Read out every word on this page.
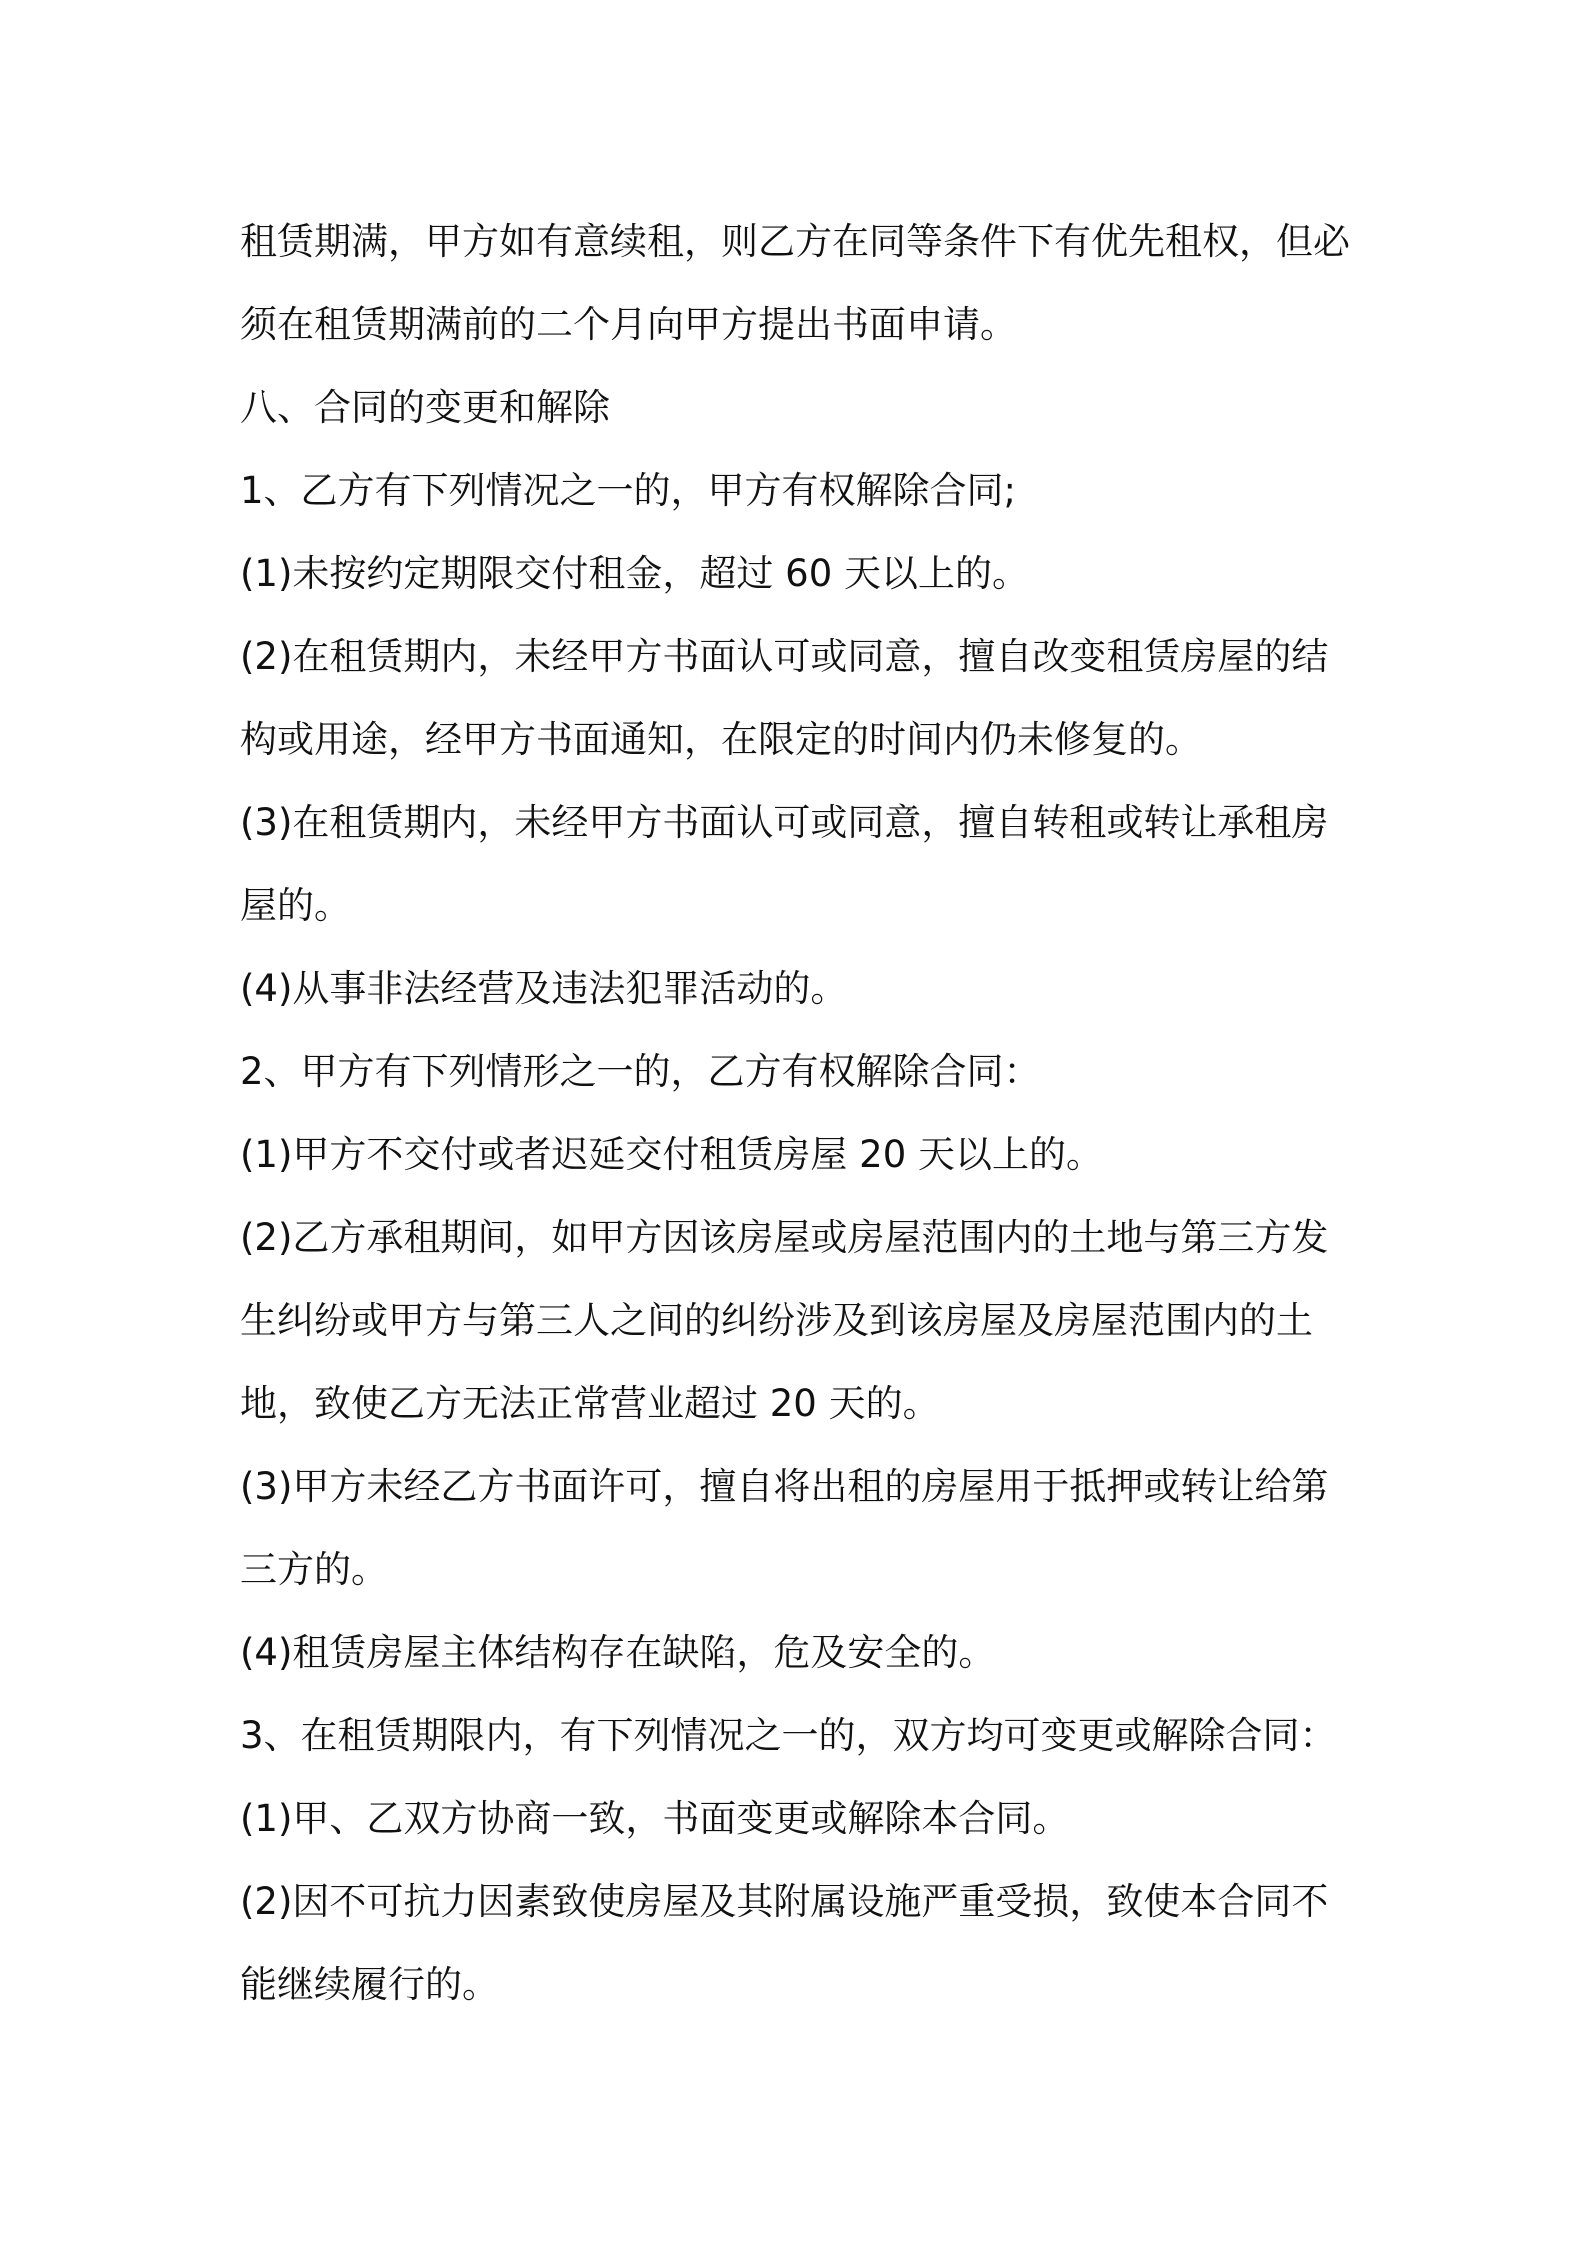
租赁期满，甲方如有意续租，则乙方在同等条件下有优先租权，但必
须在租赁期满前的二个月向甲方提出书面申请。
八、合同的变更和解除
1、乙方有下列情况之一的，甲方有权解除合同;
(1)未按约定期限交付租金，超过 60 天以上的。
(2)在租赁期内，未经甲方书面认可或同意，擅自改变租赁房屋的结
构或用途，经甲方书面通知，在限定的时间内仍未修复的。
(3)在租赁期内，未经甲方书面认可或同意，擅自转租或转让承租房
屋的。
(4)从事非法经营及违法犯罪活动的。
2、甲方有下列情形之一的，乙方有权解除合同：
(1)甲方不交付或者迟延交付租赁房屋 20 天以上的。
(2)乙方承租期间，如甲方因该房屋或房屋范围内的土地与第三方发
生纠纷或甲方与第三人之间的纠纷涉及到该房屋及房屋范围内的土
地，致使乙方无法正常营业超过 20 天的。
(3)甲方未经乙方书面许可，擅自将出租的房屋用于抵押或转让给第
三方的。
(4)租赁房屋主体结构存在缺陷，危及安全的。
3、在租赁期限内，有下列情况之一的，双方均可变更或解除合同：
(1)甲、乙双方协商一致，书面变更或解除本合同。
(2)因不可抗力因素致使房屋及其附属设施严重受损，致使本合同不
能继续履行的。
